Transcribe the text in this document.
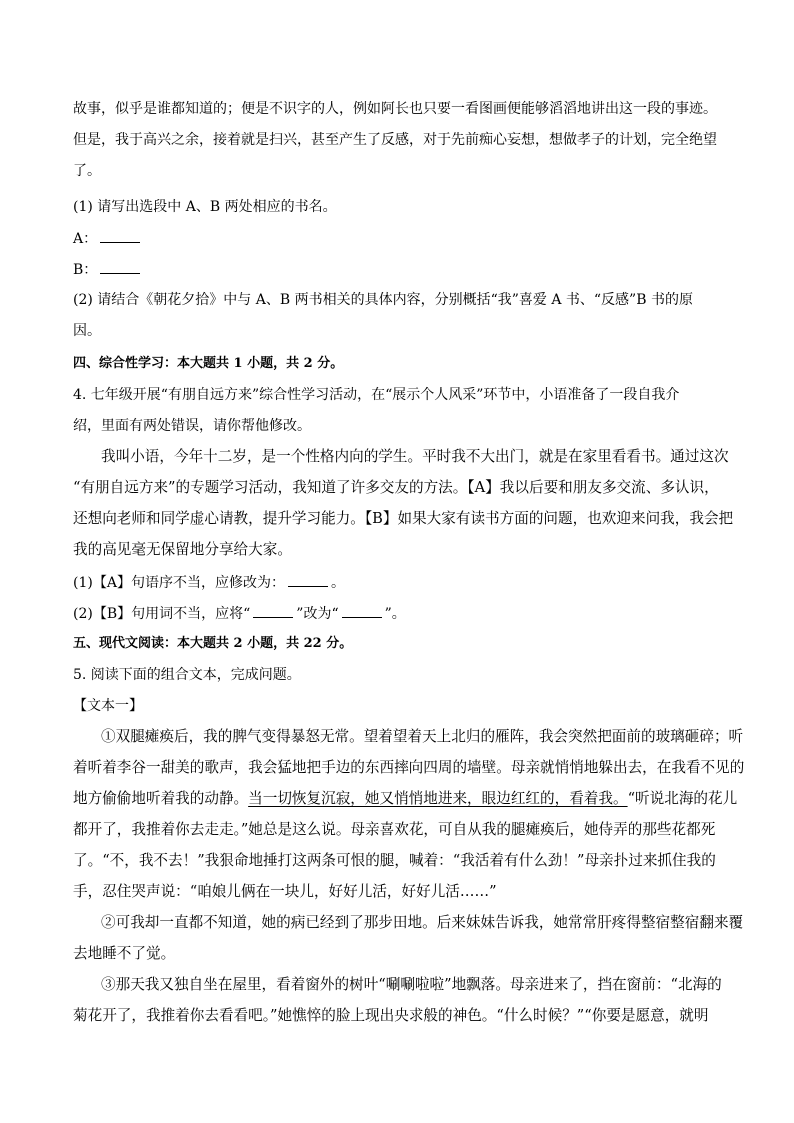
故事，似乎是谁都知道的；便是不识字的人，例如阿长也只要一看图画便能够滔滔地讲出这一段的事迹。
但是，我于高兴之余，接着就是扫兴，甚至产生了反感，对于先前痴心妄想，想做孝子的计划，完全绝望
了。
(1) 请写出选段中 A、B 两处相应的书名。
A：
B：
(2) 请结合《朝花夕拾》中与 A、B 两书相关的具体内容，分别概括“我”喜爱 A 书、“反感”B 书的原
因。
四、综合性学习：本大题共 1 小题，共 2 分。
4. 七年级开展“有朋自远方来”综合性学习活动，在“展示个人风采”环节中，小语准备了一段自我介
绍，里面有两处错误，请你帮他修改。
我叫小语，今年十二岁，是一个性格内向的学生。平时我不大出门，就是在家里看看书。通过这次
“有朋自远方来”的专题学习活动，我知道了许多交友的方法。【A】我以后要和朋友多交流、多认识，
还想向老师和同学虚心请教，提升学习能力。【B】如果大家有读书方面的问题，也欢迎来问我，我会把
我的高见毫无保留地分享给大家。
(1)【A】句语序不当，应修改为：	。
(2)【B】句用词不当，应将“	”改为“	”。
五、现代文阅读：本大题共 2 小题，共 22 分。
5. 阅读下面的组合文本，完成问题。
【文本一】
①双腿瘫痪后，我的脾气变得暴怒无常。望着望着天上北归的雁阵，我会突然把面前的玻璃砸碎；听
着听着李谷一甜美的歌声，我会猛地把手边的东西摔向四周的墙壁。母亲就悄悄地躲出去，在我看不见的
地方偷偷地听着我的动静。当一切恢复沉寂，她又悄悄地进来，眼边红红的，看着我。“听说北海的花儿
都开了，我推着你去走走。”她总是这么说。母亲喜欢花，可自从我的腿瘫痪后，她侍弄的那些花都死
了。“不，我不去！”我狠命地捶打这两条可恨的腿，喊着：“我活着有什么劲！”母亲扑过来抓住我的
手，忍住哭声说：“咱娘儿俩在一块儿，好好儿活，好好儿活……”
②可我却一直都不知道，她的病已经到了那步田地。后来妹妹告诉我，她常常肝疼得整宿整宿翻来覆
去地睡不了觉。
③那天我又独自坐在屋里，看着窗外的树叶“唰唰啦啦”地飘落。母亲进来了，挡在窗前：“北海的
菊花开了，我推着你去看看吧。”她憔悴的脸上现出央求般的神色。“什么时候？”“你要是愿意，就明
